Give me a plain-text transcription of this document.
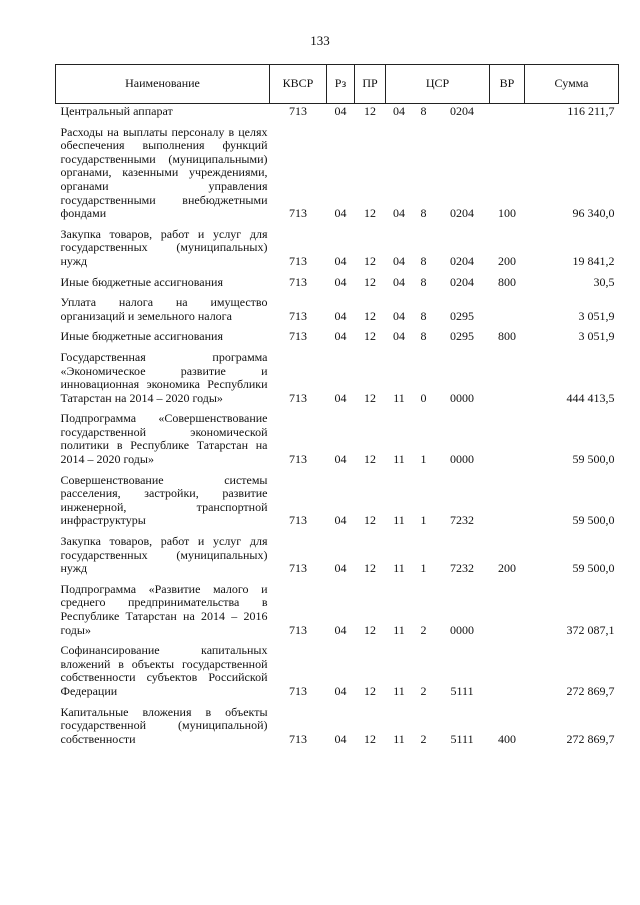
133
Наименование	КВСР	Рз	ПР	ЦСР			ВР	Сумма
Центральный аппарат	713	04	12	04	8	0204		116 211,7

Расходы на выплаты персоналу в целях обеспечения выполнения функций государственными (муниципальными) органами, казенными учреждениями, органами управления государственными внебюджетными фондами	713	04	12	04	8	0204	100	96 340,0

Закупка товаров, работ и услуг для государственных (муниципальных) нужд	713	04	12	04	8	0204	200	19 841,2

Иные бюджетные ассигнования	713	04	12	04	8	0204	800	30,5

Уплата налога на имущество организаций и земельного налога	713	04	12	04	8	0295		3 051,9

Иные бюджетные ассигнования	713	04	12	04	8	0295	800	3 051,9

Государственная программа «Экономическое развитие и инновационная экономика Республики Татарстан на 2014 – 2020 годы»	713	04	12	11	0	0000		444 413,5

Подпрограмма «Совершенствование государственной экономической политики в Республике Татарстан на 2014 – 2020 годы»	713	04	12	11	1	0000		59 500,0

Совершенствование системы расселения, застройки, развитие инженерной, транспортной инфраструктуры	713	04	12	11	1	7232		59 500,0

Закупка товаров, работ и услуг для государственных (муниципальных) нужд	713	04	12	11	1	7232	200	59 500,0

Подпрограмма «Развитие малого и среднего предпринимательства в Республике Татарстан на 2014 – 2016 годы»	713	04	12	11	2	0000		372 087,1

Софинансирование капитальных вложений в объекты государственной собственности субъектов Российской Федерации	713	04	12	11	2	5111		272 869,7

Капитальные вложения в объекты государственной (муниципальной) собственности	713	04	12	11	2	5111	400	272 869,7
